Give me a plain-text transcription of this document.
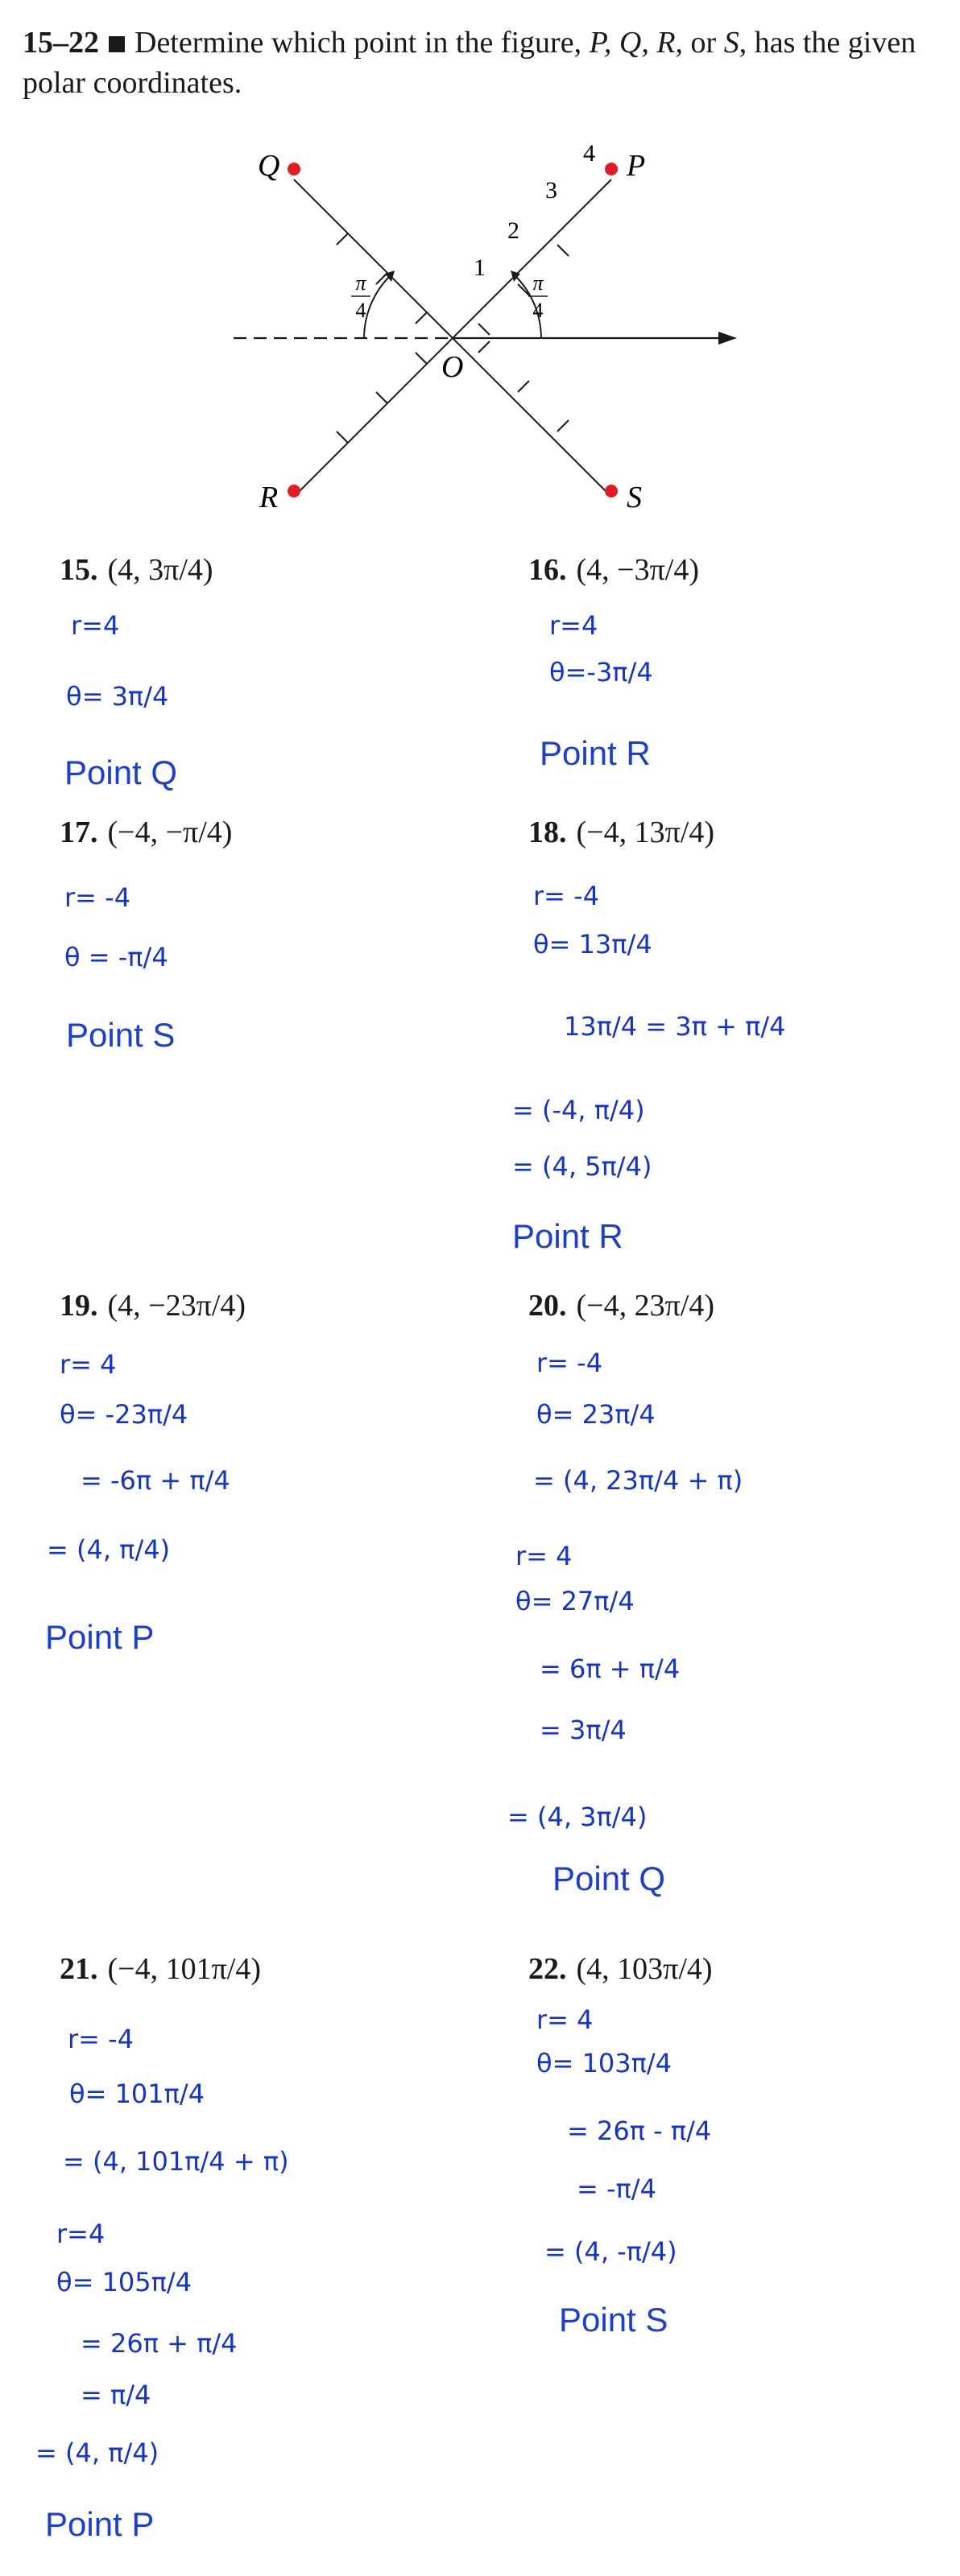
15–22 Determine which point in the figure, P, Q, R, or S, has the given polar coordinates.
π
4
π
4
1
2
3
4 P
Q
R	S
O
15. (4, 3π/4)
r=4
θ= 3π/4
Point Q
16. (4, −3π/4)
r=4
θ=-3π/4
Point R
17. (−4, −π/4)
r= -4
θ = -π/4
Point S
18. (−4, 13π/4)
r= -4
θ= 13π/4
13π/4 = 3π + π/4
= (-4, π/4)
= (4, 5π/4)
Point R
19. (4, −23π/4)
r= 4
θ= -23π/4
= -6π + π/4
= (4, π/4)
Point P
20. (−4, 23π/4)
r= -4
θ= 23π/4
= (4, 23π/4 + π)
r= 4
θ= 27π/4
= 6π + π/4
= 3π/4
= (4, 3π/4)
Point Q
21. (−4, 101π/4)
r= -4
θ= 101π/4
= (4, 101π/4 + π)
r=4
θ= 105π/4
= 26π + π/4
= π/4
= (4, π/4)
Point P
22. (4, 103π/4)
r= 4
θ= 103π/4
= 26π - π/4
= -π/4
= (4, -π/4)
Point S
